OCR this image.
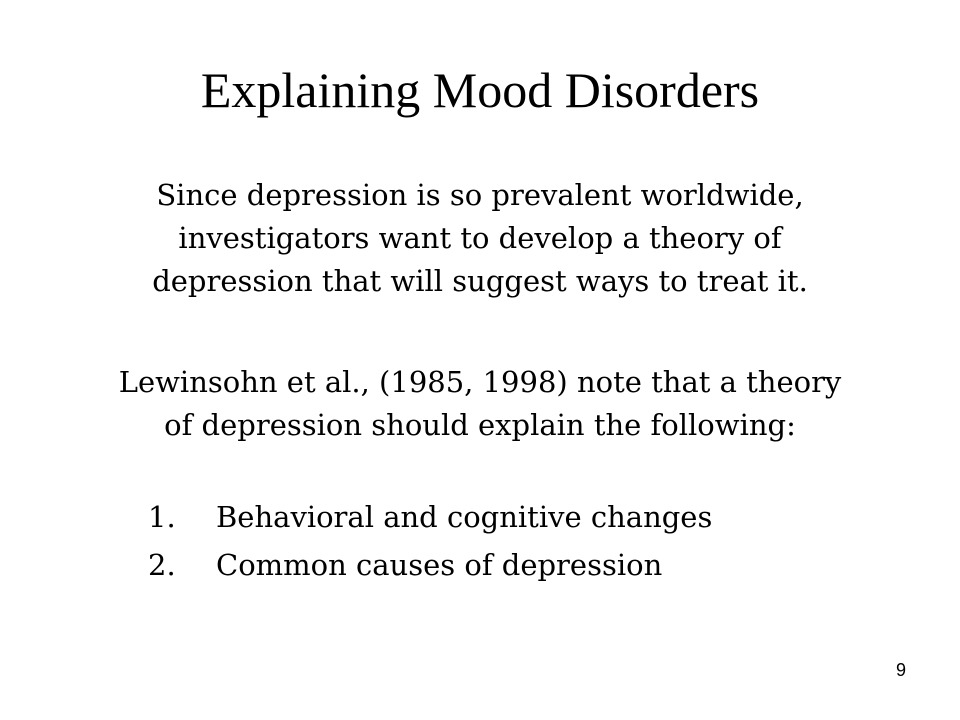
Explaining Mood Disorders
Since depression is so prevalent worldwide,
investigators want to develop a theory of
depression that will suggest ways to treat it.
Lewinsohn et al., (1985, 1998) note that a theory
of depression should explain the following:
1.	Behavioral and cognitive changes
2.	Common causes of depression
9
